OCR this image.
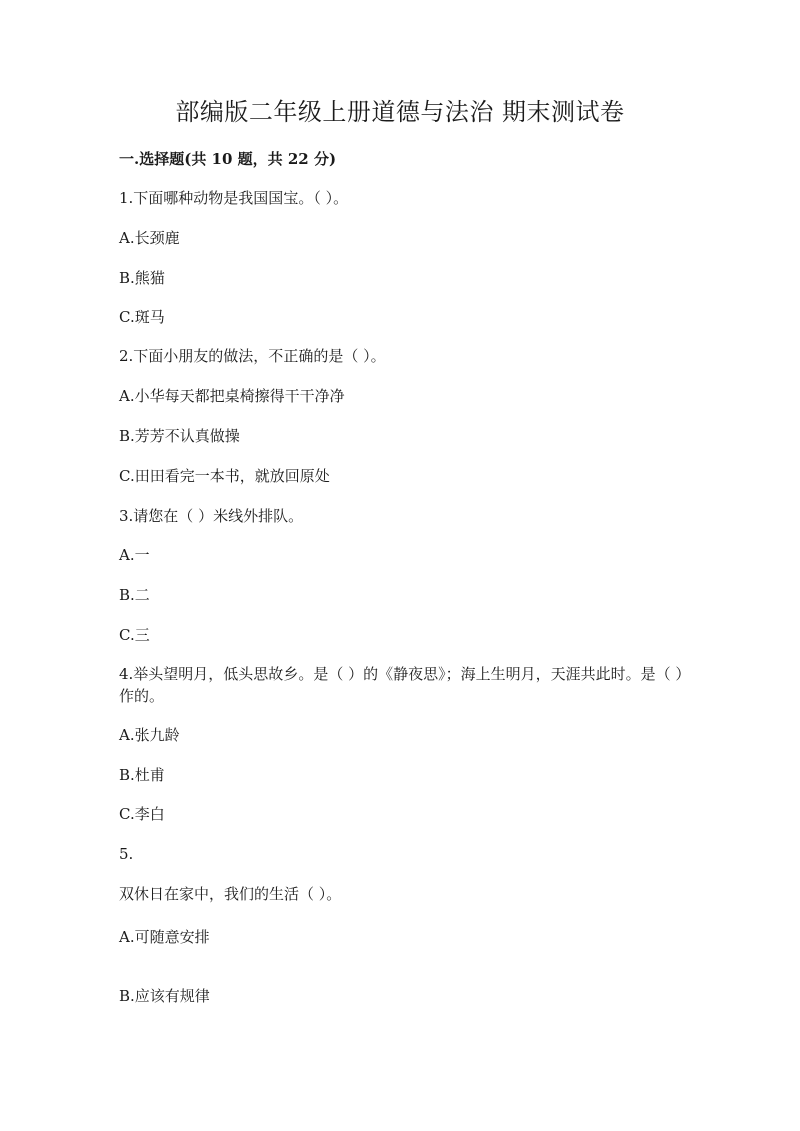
部编版二年级上册道德与法治 期末测试卷

一.选择题(共 10 题，共 22 分)

1.下面哪种动物是我国国宝。（ ）。

A.长颈鹿

B.熊猫

C.斑马

2.下面小朋友的做法，不正确的是（ ）。

A.小华每天都把桌椅擦得干干净净

B.芳芳不认真做操

C.田田看完一本书，就放回原处

3.请您在（ ）米线外排队。

A.一

B.二

C.三

4.举头望明月，低头思故乡。是（ ）的《静夜思》；海上生明月，天涯共此时。是（ ）作的。

A.张九龄

B.杜甫

C.李白

5.

双休日在家中，我们的生活（ ）。

A.可随意安排

B.应该有规律
